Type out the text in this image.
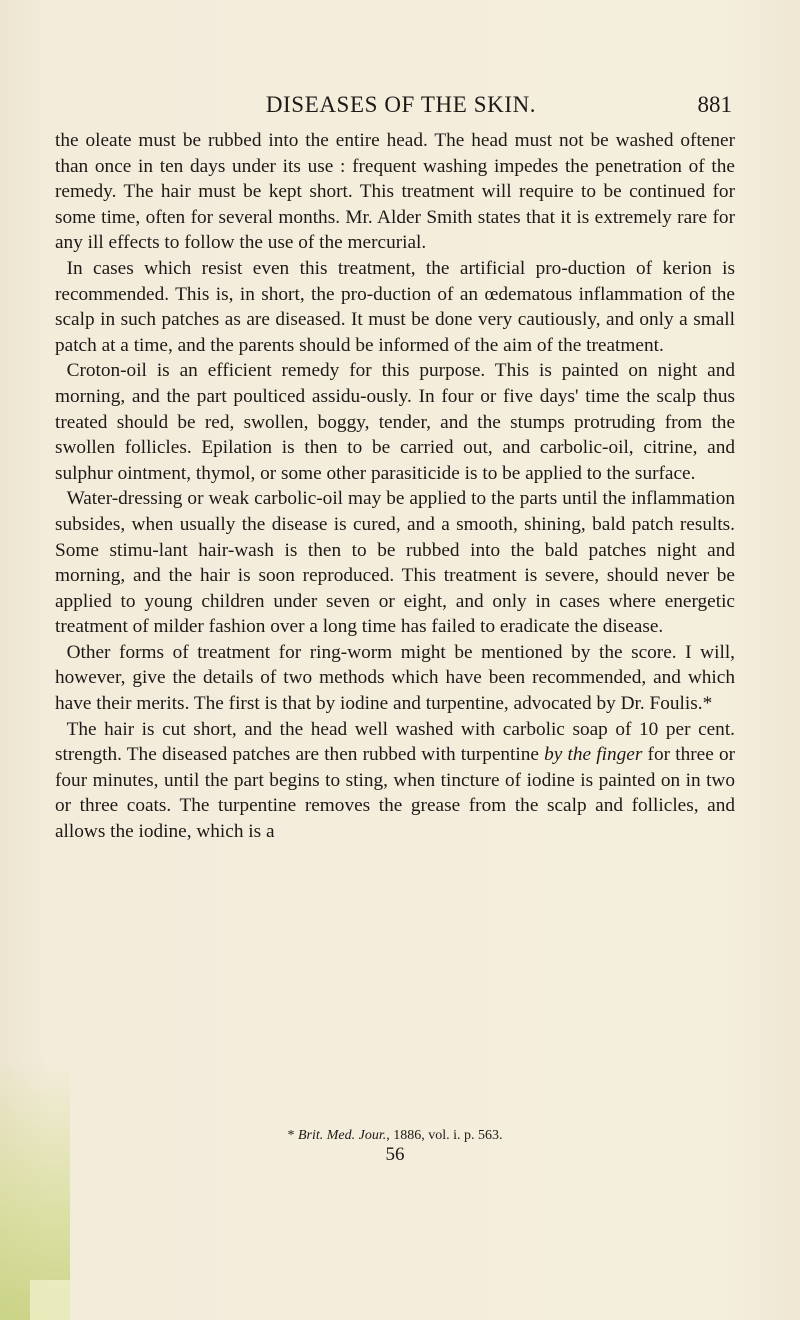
DISEASES OF THE SKIN.	881

the oleate must be rubbed into the entire head. The head must not be washed oftener than once in ten days under its use : frequent washing impedes the penetration of the remedy. The hair must be kept short. This treatment will require to be continued for some time, often for several months. Mr. Alder Smith states that it is extremely rare for any ill effects to follow the use of the mercurial.

In cases which resist even this treatment, the artificial pro-duction of kerion is recommended. This is, in short, the pro-duction of an œdematous inflammation of the scalp in such patches as are diseased. It must be done very cautiously, and only a small patch at a time, and the parents should be informed of the aim of the treatment.

Croton-oil is an efficient remedy for this purpose. This is painted on night and morning, and the part poulticed assidu-ously. In four or five days' time the scalp thus treated should be red, swollen, boggy, tender, and the stumps protruding from the swollen follicles. Epilation is then to be carried out, and carbolic-oil, citrine, and sulphur ointment, thymol, or some other parasiticide is to be applied to the surface.

Water-dressing or weak carbolic-oil may be applied to the parts until the inflammation subsides, when usually the disease is cured, and a smooth, shining, bald patch results. Some stimu-lant hair-wash is then to be rubbed into the bald patches night and morning, and the hair is soon reproduced. This treatment is severe, should never be applied to young children under seven or eight, and only in cases where energetic treatment of milder fashion over a long time has failed to eradicate the disease.

Other forms of treatment for ring-worm might be mentioned by the score. I will, however, give the details of two methods which have been recommended, and which have their merits. The first is that by iodine and turpentine, advocated by Dr. Foulis.*

The hair is cut short, and the head well washed with carbolic soap of 10 per cent. strength. The diseased patches are then rubbed with turpentine by the finger for three or four minutes, until the part begins to sting, when tincture of iodine is painted on in two or three coats. The turpentine removes the grease from the scalp and follicles, and allows the iodine, which is a

* Brit. Med. Jour., 1886, vol. i. p. 563.
56
